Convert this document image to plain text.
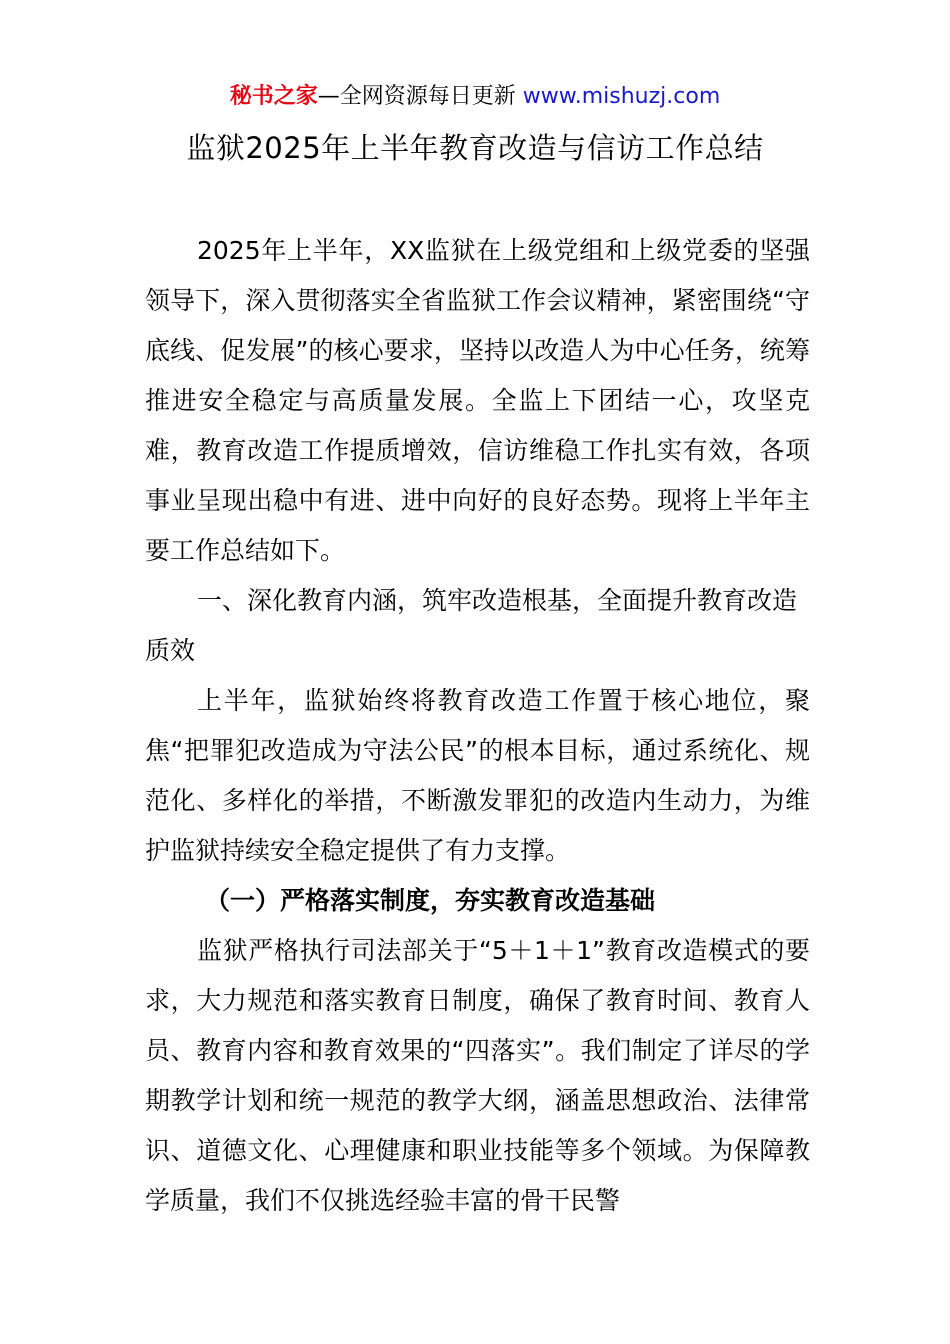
秘书之家—全网资源每日更新 www.mishuzj.com
监狱2025年上半年教育改造与信访工作总结

2025年上半年，XX监狱在上级党组和上级党委的坚强领导下，深入贯彻落实全省监狱工作会议精神，紧密围绕“守底线、促发展”的核心要求，坚持以改造人为中心任务，统筹推进安全稳定与高质量发展。全监上下团结一心，攻坚克难，教育改造工作提质增效，信访维稳工作扎实有效，各项事业呈现出稳中有进、进中向好的良好态势。现将上半年主要工作总结如下。

一、深化教育内涵，筑牢改造根基，全面提升教育改造质效

上半年，监狱始终将教育改造工作置于核心地位，聚焦“把罪犯改造成为守法公民”的根本目标，通过系统化、规范化、多样化的举措，不断激发罪犯的改造内生动力，为维护监狱持续安全稳定提供了有力支撑。

（一）严格落实制度，夯实教育改造基础

监狱严格执行司法部关于“5＋1＋1”教育改造模式的要求，大力规范和落实教育日制度，确保了教育时间、教育人员、教育内容和教育效果的“四落实”。我们制定了详尽的学期教学计划和统一规范的教学大纲，涵盖思想政治、法律常识、道德文化、心理健康和职业技能等多个领域。为保障教学质量，我们不仅挑选经验丰富的骨干民警
